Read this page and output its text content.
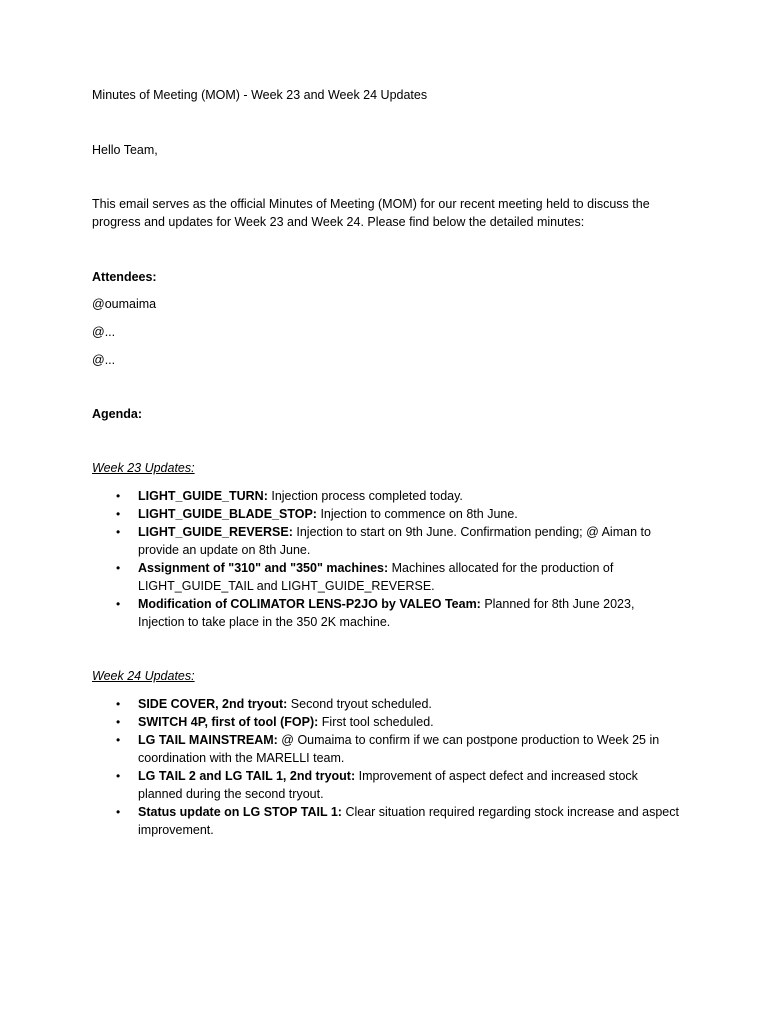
Minutes of Meeting (MOM) - Week 23 and Week 24 Updates
Hello Team,
This email serves as the official Minutes of Meeting (MOM) for our recent meeting held to discuss the progress and updates for Week 23 and Week 24. Please find below the detailed minutes:
Attendees:
@oumaima
@...
@...
Agenda:
Week 23 Updates:
• LIGHT_GUIDE_TURN: Injection process completed today.
• LIGHT_GUIDE_BLADE_STOP: Injection to commence on 8th June.
• LIGHT_GUIDE_REVERSE: Injection to start on 9th June. Confirmation pending; @ Aiman to provide an update on 8th June.
• Assignment of "310" and "350" machines: Machines allocated for the production of LIGHT_GUIDE_TAIL and LIGHT_GUIDE_REVERSE.
• Modification of COLIMATOR LENS-P2JO by VALEO Team: Planned for 8th June 2023, Injection to take place in the 350 2K machine.
Week 24 Updates:
• SIDE COVER, 2nd tryout: Second tryout scheduled.
• SWITCH 4P, first of tool (FOP): First tool scheduled.
• LG TAIL MAINSTREAM: @ Oumaima to confirm if we can postpone production to Week 25 in coordination with the MARELLI team.
• LG TAIL 2 and LG TAIL 1, 2nd tryout: Improvement of aspect defect and increased stock planned during the second tryout.
• Status update on LG STOP TAIL 1: Clear situation required regarding stock increase and aspect improvement.
